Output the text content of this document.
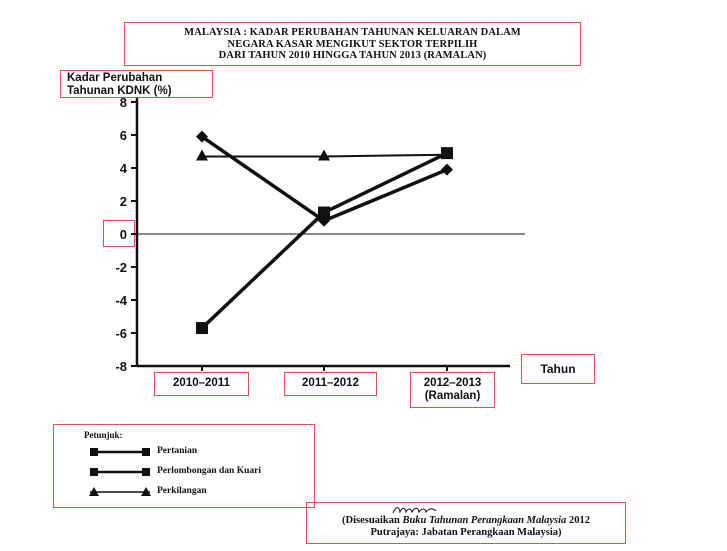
MALAYSIA : KADAR PERUBAHAN TAHUNAN KELUARAN DALAM
NEGARA KASAR MENGIKUT SEKTOR TERPILIH
DARI TAHUN 2010 HINGGA TAHUN 2013 (RAMALAN)
Kadar Perubahan
Tahunan KDNK (%)
Tahun
2010–2011	2011–2012	2012–2013
(Ramalan)
8
6
4
2
0
-2
-4
-6
-8
Petunjuk:
Pertanian
Perlombongan dan Kuari
Perkilangan
(Disesuaikan Buku Tahunan Perangkaan Malaysia 2012
Putrajaya: Jabatan Perangkaan Malaysia)
